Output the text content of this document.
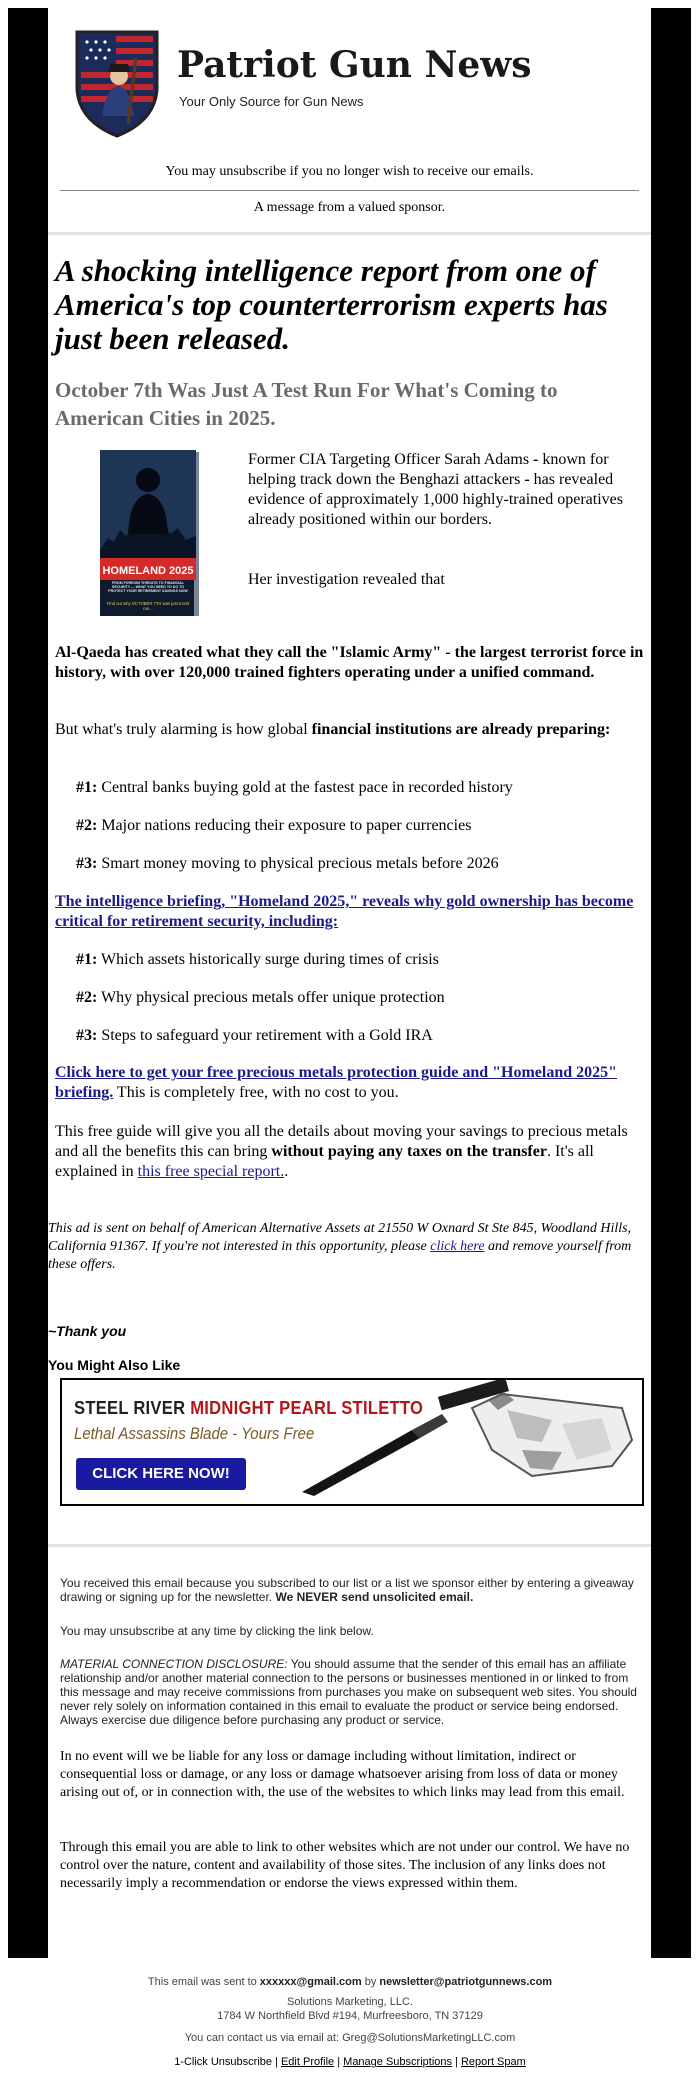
Patriot Gun News
Your Only Source for Gun News
You may unsubscribe if you no longer wish to receive our emails.
A message from a valued sponsor.
A shocking intelligence report from one of America's top counterterrorism experts has just been released.
October 7th Was Just A Test Run For What's Coming to American Cities in 2025.
HOMELAND 2025
FROM FOREIGN THREATS TO FINANCIAL SECURITY — WHAT YOU NEED TO DO TO PROTECT YOUR RETIREMENT SAVINGS NOW
Find out why OCTOBER 7TH was just a test run...
Former CIA Targeting Officer Sarah Adams - known for helping track down the Benghazi attackers - has revealed evidence of approximately 1,000 highly-trained operatives already positioned within our borders.
Her investigation revealed that
Al-Qaeda has created what they call the "Islamic Army" - the largest terrorist force in history, with over 120,000 trained fighters operating under a unified command.
But what's truly alarming is how global financial institutions are already preparing:
#1: Central banks buying gold at the fastest pace in recorded history
#2: Major nations reducing their exposure to paper currencies
#3: Smart money moving to physical precious metals before 2026
The intelligence briefing, "Homeland 2025," reveals why gold ownership has become critical for retirement security, including:
#1: Which assets historically surge during times of crisis
#2: Why physical precious metals offer unique protection
#3: Steps to safeguard your retirement with a Gold IRA
Click here to get your free precious metals protection guide and "Homeland 2025" briefing. This is completely free, with no cost to you.
This free guide will give you all the details about moving your savings to precious metals and all the benefits this can bring without paying any taxes on the transfer. It's all explained in this free special report..
This ad is sent on behalf of American Alternative Assets at 21550 W Oxnard St Ste 845, Woodland Hills, California 91367. If you're not interested in this opportunity, please click here and remove yourself from these offers.
~Thank you
You Might Also Like
STEEL RIVER MIDNIGHT PEARL STILETTO
Lethal Assassins Blade - Yours Free
CLICK HERE NOW!
You received this email because you subscribed to our list or a list we sponsor either by entering a giveaway drawing or signing up for the newsletter. We NEVER send unsolicited email.
You may unsubscribe at any time by clicking the link below.
MATERIAL CONNECTION DISCLOSURE: You should assume that the sender of this email has an affiliate relationship and/or another material connection to the persons or businesses mentioned in or linked to from this message and may receive commissions from purchases you make on subsequent web sites. You should never rely solely on information contained in this email to evaluate the product or service being endorsed. Always exercise due diligence before purchasing any product or service.
In no event will we be liable for any loss or damage including without limitation, indirect or consequential loss or damage, or any loss or damage whatsoever arising from loss of data or money arising out of, or in connection with, the use of the websites to which links may lead from this email.
Through this email you are able to link to other websites which are not under our control. We have no control over the nature, content and availability of those sites. The inclusion of any links does not necessarily imply a recommendation or endorse the views expressed within them.
This email was sent to xxxxxx@gmail.com by newsletter@patriotgunnews.com
Solutions Marketing, LLC.
1784 W Northfield Blvd #194, Murfreesboro, TN 37129
You can contact us via email at: Greg@SolutionsMarketingLLC.com
1-Click Unsubscribe | Edit Profile | Manage Subscriptions | Report Spam
